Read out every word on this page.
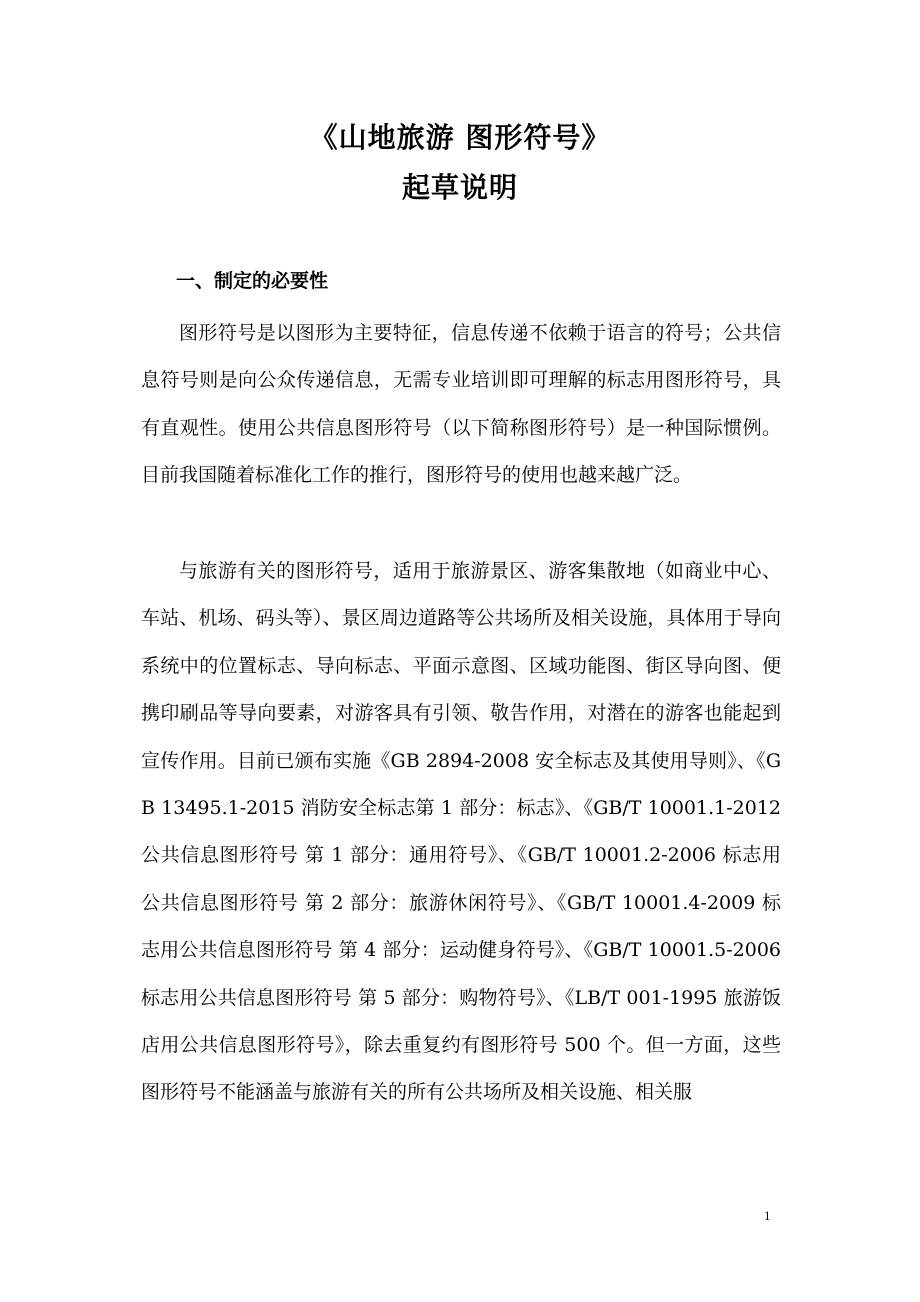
《山地旅游 图形符号》
起草说明
一、制定的必要性

图形符号是以图形为主要特征，信息传递不依赖于语言的符号；公共信息符号则是向公众传递信息，无需专业培训即可理解的标志用图形符号，具有直观性。使用公共信息图形符号（以下简称图形符号）是一种国际惯例。目前我国随着标准化工作的推行，图形符号的使用也越来越广泛。

与旅游有关的图形符号，适用于旅游景区、游客集散地（如商业中心、车站、机场、码头等）、景区周边道路等公共场所及相关设施，具体用于导向系统中的位置标志、导向标志、平面示意图、区域功能图、街区导向图、便携印刷品等导向要素，对游客具有引领、敬告作用，对潜在的游客也能起到宣传作用。目前已颁布实施《GB 2894-2008 安全标志及其使用导则》、《GB 13495.1-2015 消防安全标志第 1 部分：标志》、《GB/T 10001.1-2012 公共信息图形符号 第 1 部分：通用符号》、《GB/T 10001.2-2006 标志用公共信息图形符号 第 2 部分：旅游休闲符号》、《GB/T 10001.4-2009 标志用公共信息图形符号 第 4 部分：运动健身符号》、《GB/T 10001.5-2006 标志用公共信息图形符号 第 5 部分：购物符号》、《LB/T 001-1995 旅游饭店用公共信息图形符号》，除去重复约有图形符号 500 个。但一方面，这些图形符号不能涵盖与旅游有关的所有公共场所及相关设施、相关服

1
